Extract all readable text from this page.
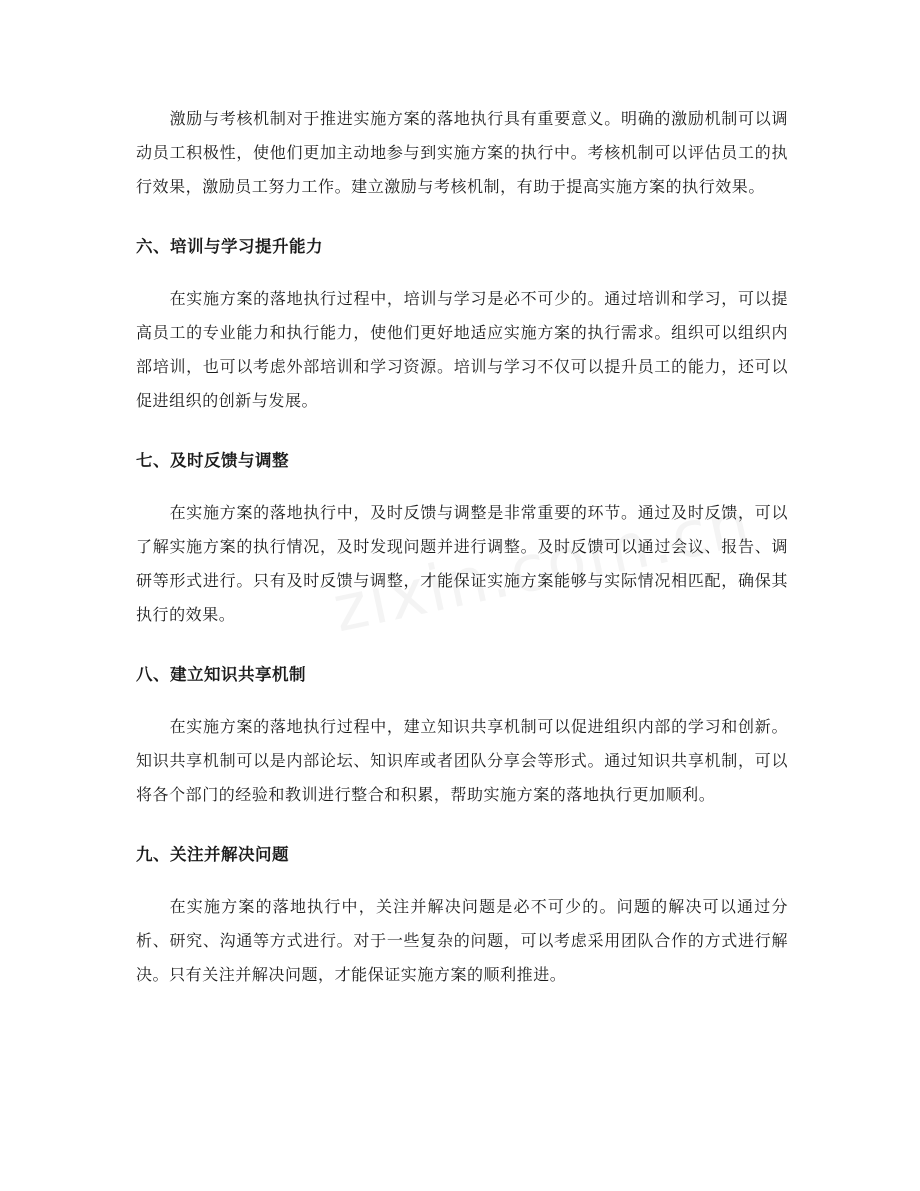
激励与考核机制对于推进实施方案的落地执行具有重要意义。明确的激励机制可以调动员工积极性，使他们更加主动地参与到实施方案的执行中。考核机制可以评估员工的执行效果，激励员工努力工作。建立激励与考核机制，有助于提高实施方案的执行效果。

六、培训与学习提升能力

在实施方案的落地执行过程中，培训与学习是必不可少的。通过培训和学习，可以提高员工的专业能力和执行能力，使他们更好地适应实施方案的执行需求。组织可以组织内部培训，也可以考虑外部培训和学习资源。培训与学习不仅可以提升员工的能力，还可以促进组织的创新与发展。

七、及时反馈与调整

在实施方案的落地执行中，及时反馈与调整是非常重要的环节。通过及时反馈，可以了解实施方案的执行情况，及时发现问题并进行调整。及时反馈可以通过会议、报告、调研等形式进行。只有及时反馈与调整，才能保证实施方案能够与实际情况相匹配，确保其执行的效果。

八、建立知识共享机制

在实施方案的落地执行过程中，建立知识共享机制可以促进组织内部的学习和创新。知识共享机制可以是内部论坛、知识库或者团队分享会等形式。通过知识共享机制，可以将各个部门的经验和教训进行整合和积累，帮助实施方案的落地执行更加顺利。

九、关注并解决问题

在实施方案的落地执行中，关注并解决问题是必不可少的。问题的解决可以通过分析、研究、沟通等方式进行。对于一些复杂的问题，可以考虑采用团队合作的方式进行解决。只有关注并解决问题，才能保证实施方案的顺利推进。
